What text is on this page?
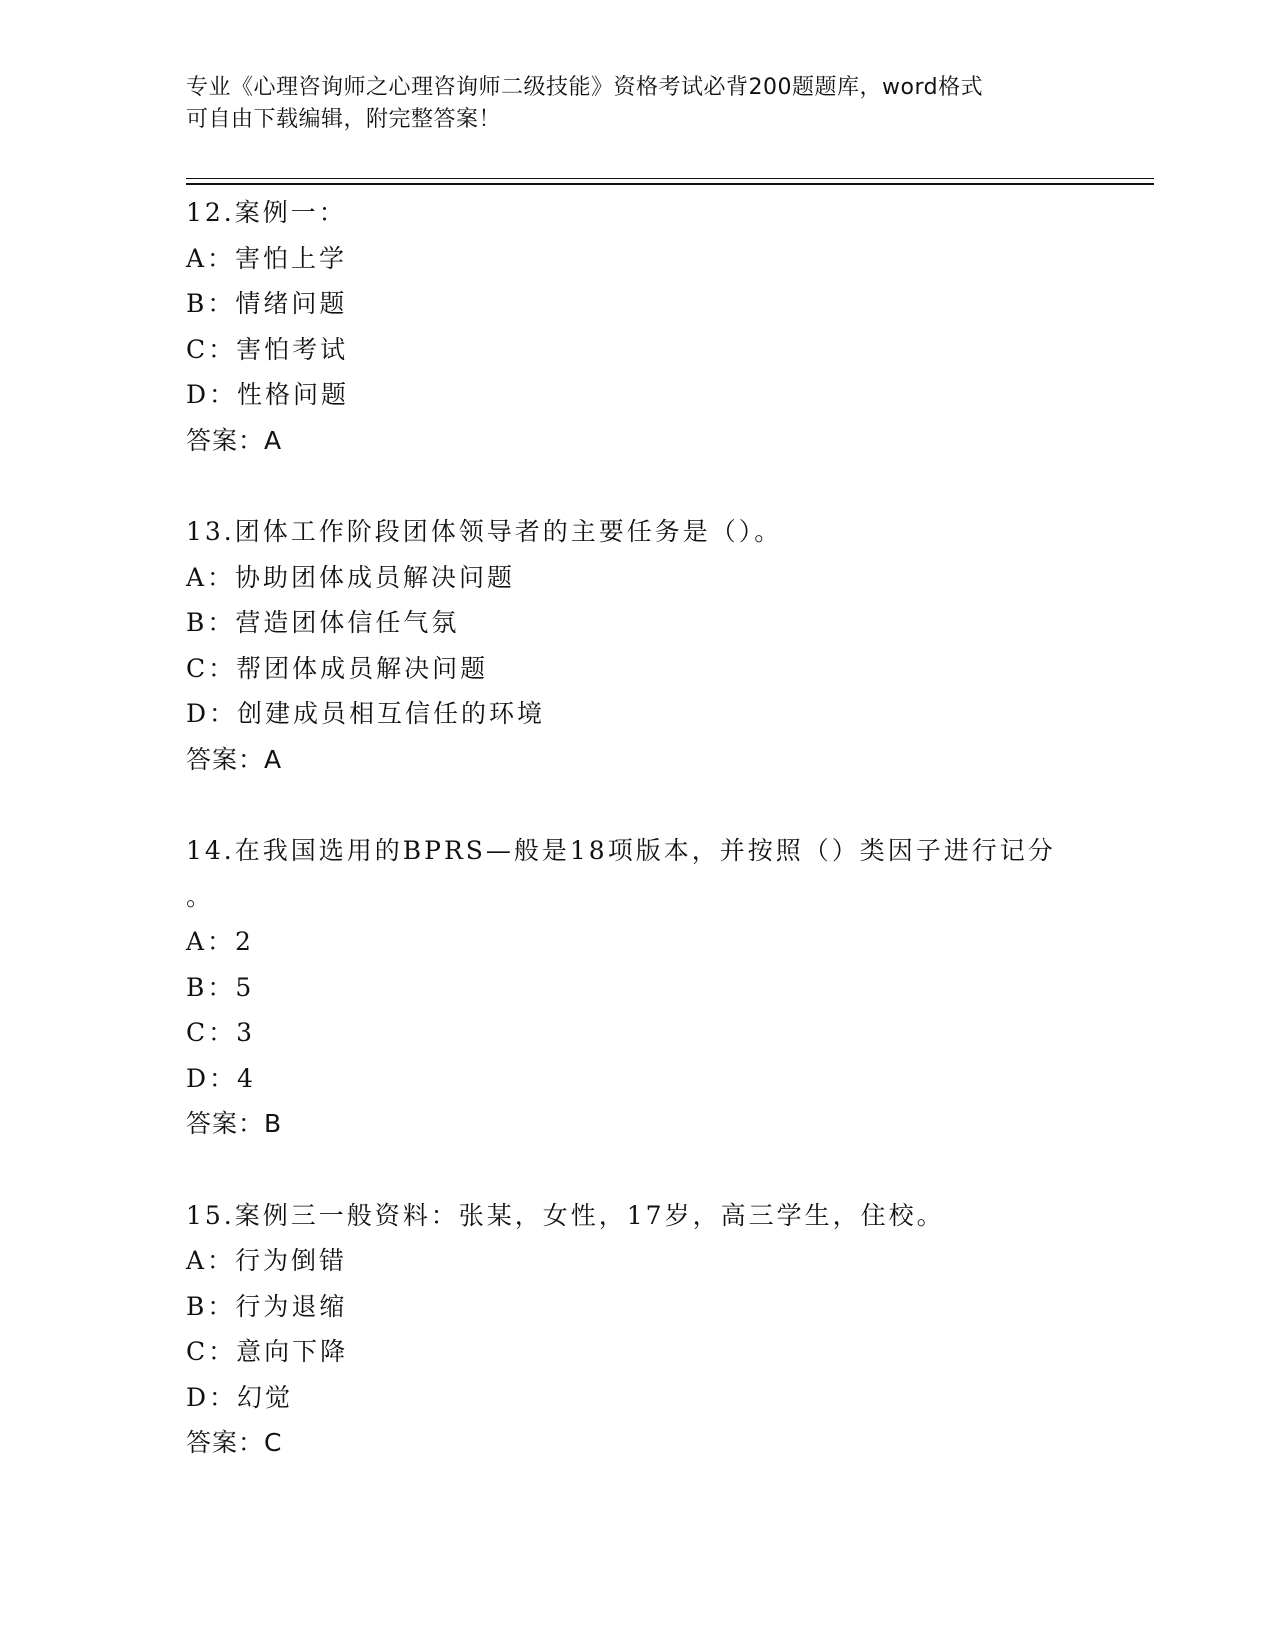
专业《心理咨询师之心理咨询师二级技能》资格考试必背200题题库，word格式
可自由下载编辑，附完整答案！
12.案例一：
A：害怕上学
B：情绪问题
C：害怕考试
D：性格问题
答案：A
13.团体工作阶段团体领导者的主要任务是（）。
A：协助团体成员解决问题
B：营造团体信任气氛
C：帮团体成员解决问题
D：创建成员相互信任的环境
答案：A
14.在我国选用的BPRS—般是18项版本，并按照（）类因子进行记分
。
A：2
B：5
C：3
D：4
答案：B
15.案例三一般资料：张某，女性，17岁，高三学生，住校。
A：行为倒错
B：行为退缩
C：意向下降
D：幻觉
答案：C
